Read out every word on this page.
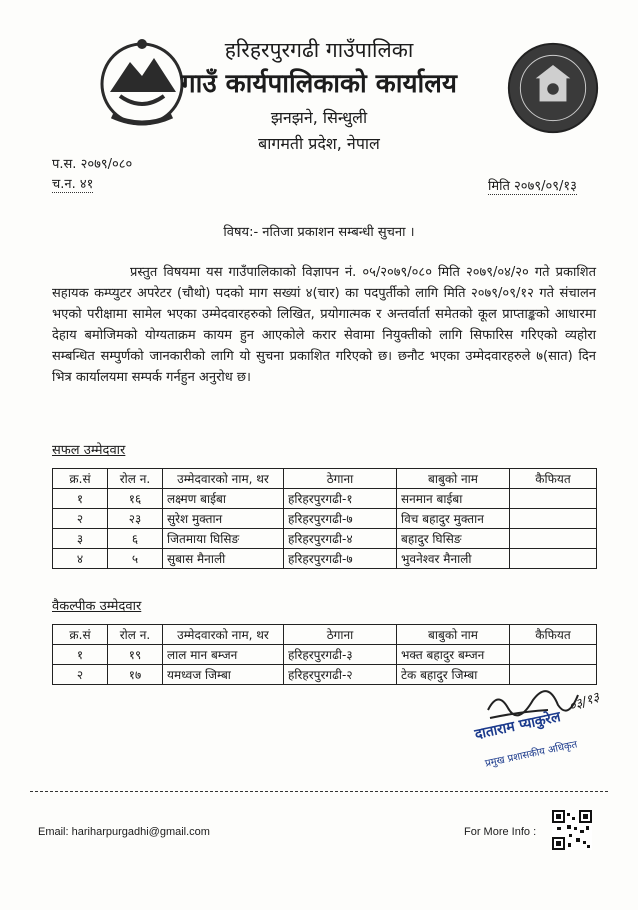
हरिहरपुरगढी गाउँपालिका
गाउँ कार्यपालिकाको कार्यालय
झनझने, सिन्धुली
बागमती प्रदेश, नेपाल
प.स. २०७९/०८०
च.न. ४१	मिति २०७९/०९/१३
विषय:- नतिजा प्रकाशन सम्बन्धी सुचना ।

प्रस्तुत विषयमा यस गाउँपालिकाको विज्ञापन नं. ०५/२०७९/०८० मिति २०७९/०४/२० गते प्रकाशित सहायक कम्प्युटर अपरेटर (चौथो) पदको माग सख्यां ४(चार) का पदपुर्तीको लागि मिति २०७९/०९/१२ गते संचालन भएको परीक्षामा सामेल भएका उम्मेदवारहरुको लिखित, प्रयोगात्मक र अन्तर्वार्ता समेतको कूल प्राप्ताङ्कको आधारमा देहाय बमोजिमको योग्यताक्रम कायम हुन आएकोले करार सेवामा नियुक्तीको लागि सिफारिस गरिएको व्यहोरा सम्बन्धित सम्पुर्णको जानकारीको लागि यो सुचना प्रकाशित गरिएको छ। छनौट भएका उम्मेदवारहरुले ७(सात) दिन भित्र कार्यालयमा सम्पर्क गर्नहुन अनुरोध छ।

सफल उम्मेदवार
क्र.सं	रोल न.	उम्मेदवारको नाम, थर	ठेगाना	बाबुको नाम	कैफियत
१	१६	लक्ष्मण बाईबा	हरिहरपुरगढी-१	सनमान बाईबा	
२	२३	सुरेश मुक्तान	हरिहरपुरगढी-७	विच बहादुर मुक्तान	
३	६	जितमाया घिसिङ	हरिहरपुरगढी-४	बहादुर घिसिङ	
४	५	सुबास मैनाली	हरिहरपुरगढी-७	भुवनेश्वर मैनाली	
वैकल्पीक उम्मेदवार
क्र.सं	रोल न.	उम्मेदवारको नाम, थर	ठेगाना	बाबुको नाम	कैफियत
१	१९	लाल मान बम्जन	हरिहरपुरगढी-३	भक्त बहादुर बम्जन	
२	१७	यमध्वज जिम्बा	हरिहरपुरगढी-२	टेक बहादुर जिम्बा	
०३/१३
दाताराम प्याकुरेल
प्रमुख प्रशासकीय अधिकृत
Email: hariharpurgadhi@gmail.com	For More Info :
